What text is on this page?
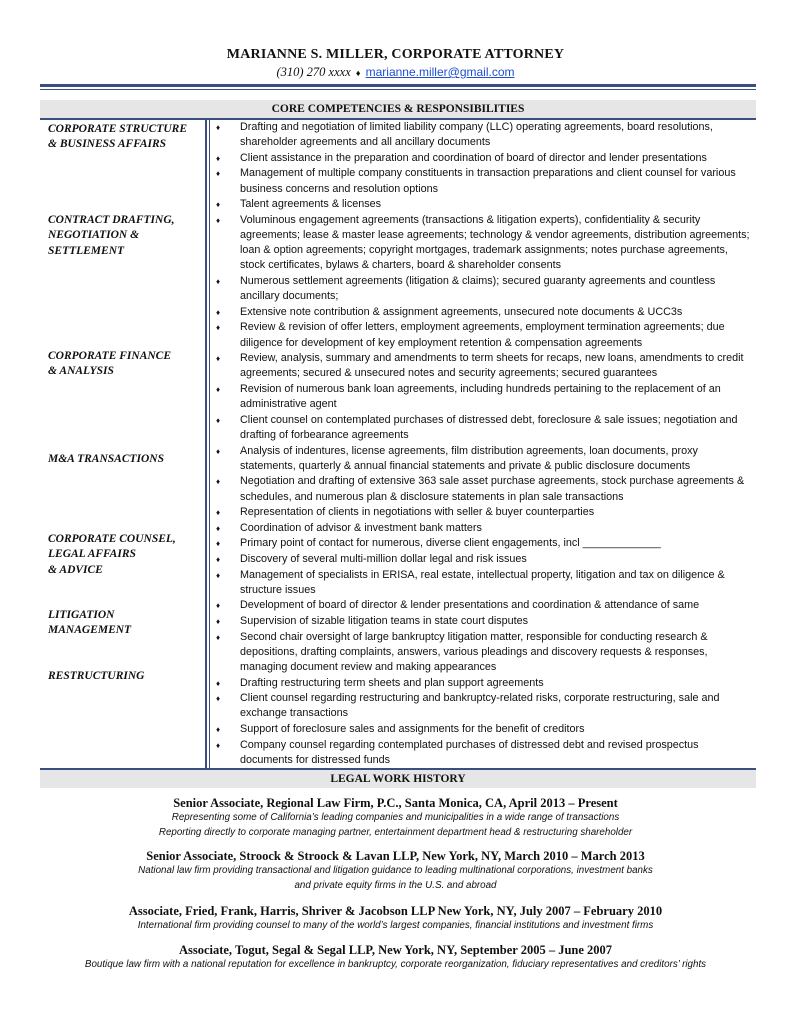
MARIANNE S. MILLER, CORPORATE ATTORNEY
(310) 270 xxxx ♦ marianne.miller@gmail.com
CORE COMPETENCIES & RESPONSIBILITIES
CORPORATE STRUCTURE
& BUSINESS AFFAIRS
CONTRACT DRAFTING,
NEGOTIATION &
SETTLEMENT
CORPORATE FINANCE
& ANALYSIS
M&A TRANSACTIONS
CORPORATE COUNSEL,
LEGAL AFFAIRS
& ADVICE
LITIGATION
MANAGEMENT
RESTRUCTURING
♦ Drafting and negotiation of limited liability company (LLC) operating agreements, board resolutions, shareholder agreements and all ancillary documents
♦ Client assistance in the preparation and coordination of board of director and lender presentations
♦ Management of multiple company constituents in transaction preparations and client counsel for various business concerns and resolution options
♦ Talent agreements & licenses
♦ Voluminous engagement agreements (transactions & litigation experts), confidentiality & security agreements; lease & master lease agreements; technology & vendor agreements, distribution agreements; loan & option agreements; copyright mortgages, trademark assignments; notes purchase agreements, stock certificates, bylaws & charters, board & shareholder consents
♦ Numerous settlement agreements (litigation & claims); secured guaranty agreements and countless ancillary documents;
♦ Extensive note contribution & assignment agreements, unsecured note documents & UCC3s
♦ Review & revision of offer letters, employment agreements, employment termination agreements; due diligence for development of key employment retention & compensation agreements
♦ Review, analysis, summary and amendments to term sheets for recaps, new loans, amendments to credit agreements; secured & unsecured notes and security agreements; secured guarantees
♦ Revision of numerous bank loan agreements, including hundreds pertaining to the replacement of an administrative agent
♦ Client counsel on contemplated purchases of distressed debt, foreclosure & sale issues; negotiation and drafting of forbearance agreements
♦ Analysis of indentures, license agreements, film distribution agreements, loan documents, proxy statements, quarterly & annual financial statements and private & public disclosure documents
♦ Negotiation and drafting of extensive 363 sale asset purchase agreements, stock purchase agreements & schedules, and numerous plan & disclosure statements in plan sale transactions
♦ Representation of clients in negotiations with seller & buyer counterparties
♦ Coordination of advisor & investment bank matters
♦ Primary point of contact for numerous, diverse client engagements, incl _____________
♦ Discovery of several multi-million dollar legal and risk issues
♦ Management of specialists in ERISA, real estate, intellectual property, litigation and tax on diligence & structure issues
♦ Development of board of director & lender presentations and coordination & attendance of same
♦ Supervision of sizable litigation teams in state court disputes
♦ Second chair oversight of large bankruptcy litigation matter, responsible for conducting research & depositions, drafting complaints, answers, various pleadings and discovery requests & responses, managing document review and making appearances
♦ Drafting restructuring term sheets and plan support agreements
♦ Client counsel regarding restructuring and bankruptcy-related risks, corporate restructuring, sale and exchange transactions
♦ Support of foreclosure sales and assignments for the benefit of creditors
♦ Company counsel regarding contemplated purchases of distressed debt and revised prospectus documents for distressed funds
LEGAL WORK HISTORY
Senior Associate, Regional Law Firm, P.C., Santa Monica, CA, April 2013 – Present
Representing some of California’s leading companies and municipalities in a wide range of transactions
Reporting directly to corporate managing partner, entertainment department head & restructuring shareholder
Senior Associate, Stroock & Stroock & Lavan LLP, New York, NY, March 2010 – March 2013
National law firm providing transactional and litigation guidance to leading multinational corporations, investment banks
and private equity firms in the U.S. and abroad
Associate, Fried, Frank, Harris, Shriver & Jacobson LLP New York, NY, July 2007 – February 2010
International firm providing counsel to many of the world’s largest companies, financial institutions and investment firms
Associate, Togut, Segal & Segal LLP, New York, NY, September 2005 – June 2007
Boutique law firm with a national reputation for excellence in bankruptcy, corporate reorganization, fiduciary representatives and creditors’ rights
